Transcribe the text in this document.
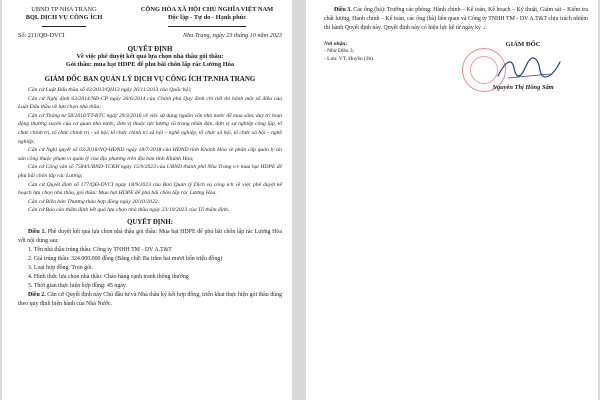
UBND TP NHA TRANG
BQL DỊCH VỤ CÔNG ÍCH
CỘNG HÒA XÃ HỘI CHỦ NGHĨA VIỆT NAM
Độc lập - Tự do - Hạnh phúc
Số: 211/QĐ-DVCI	Nha Trang, ngày 23 tháng 10 năm 2023
QUYẾT ĐỊNH
Về việc phê duyệt kết quả lựa chọn nhà thầu gói thầu:
Gói thầu: mua hạt HDPE để phủ bãi chôn lấp rác Lương Hòa
GIÁM ĐỐC BAN QUẢN LÝ DỊCH VỤ CÔNG ÍCH TP.NHA TRANG

Căn cứ Luật Đấu thầu số 43/2013/QH13 ngày 26/11/2013 của Quốc hội;

Căn cứ Nghị định 63/2014/NĐ-CP ngày 26/6/2014 của Chính phủ Quy định chi tiết thi hành một số điều của Luật Đấu thầu về lựa chọn nhà thầu;

Căn cứ Thông tư 58/2016/TT-BTC ngày 29/3/2016 về việc sử dụng nguồn vốn nhà nước để mua sắm, duy trì hoạt động thường xuyên của cơ quan nhà nước, đơn vị thuộc lực lượng vũ trang nhân dân, đơn vị sự nghiệp công lập, tổ chức chính trị, tổ chức chính trị - xã hội, tổ chức chính trị xã hội – nghề nghiệp, tổ chức xã hội, tổ chức xã hội – nghề nghiệp;

Căn cứ Nghị quyết số 03/2018/NQ-HĐND ngày 18/7/2018 của HĐND tỉnh Khánh Hòa về phân cấp quản lý tài sản công thuộc phạm vi quản lý của địa phương trên địa bàn tỉnh Khánh Hòa;

Căn cứ Công văn số 7584/UBND-TCKH ngày 15/9/2023 của UBND thành phố Nha Trang v/v mua hạt HDPE để phủ bãi chôn lấp rác Lương;

Căn cứ Quyết định số 177/QĐ-DVCI ngày 18/9/2023 của Ban Quản lý Dịch vụ công ích về việc phê duyệt kế hoạch lựa chọn nhà thầu, gói thầu: Mua hạt HDPE để phủ bãi chôn lấp rác Lương Hòa.

Căn cứ Biên bản Thương thảo hợp đồng ngày 20/10/2023.

Căn cứ Báo cáo thẩm định kết quả lựa chọn nhà thầu ngày 23/10/2023 của Tổ thẩm định.

QUYẾT ĐỊNH:

Điều 1. Phê duyệt kết quả lựa chọn nhà thầu gói thầu: Mua hạt HDPE để phủ bãi chôn lấp rác Lương Hòa với nội dung sau:

1. Tên nhà thầu trúng thầu: Công ty TNHH TM - DV A.T&T

2. Giá trúng thầu: 324.000.000 đồng (Bằng chữ: Ba trăm hai mươi bốn triệu đồng)

3. Loại hợp đồng: Trọn gói.

4. Hình thức lựa chọn nhà thầu: Chào hàng cạnh tranh thông thường

5. Thời gian thực hiện hợp đồng: 45 ngày.

Điều 2. Căn cứ Quyết định này Chủ đầu tư và Nhà thầu ký kết hợp đồng, triển khai thực hiện gói thầu đúng theo quy định hiện hành của Nhà Nước.

Điều 3. Các ông (bà): Trưởng các phòng: Hành chính – Kế toán, Kế hoạch – Kỹ thuật, Giám sát – Kiểm tra chất lượng, Hành chính – Kế toán, các ông (bà) liên quan và Công ty TNHH TM - DV A.T&T chịu trách nhiệm thi hành Quyết định này. Quyết định này có hiệu lực kể từ ngày ký ./.

Nơi nhận:
- Như Điều 3;
- Lưu: VT, Huyền (3b).
GIÁM ĐỐC
Nguyễn Thị Hồng Sâm
